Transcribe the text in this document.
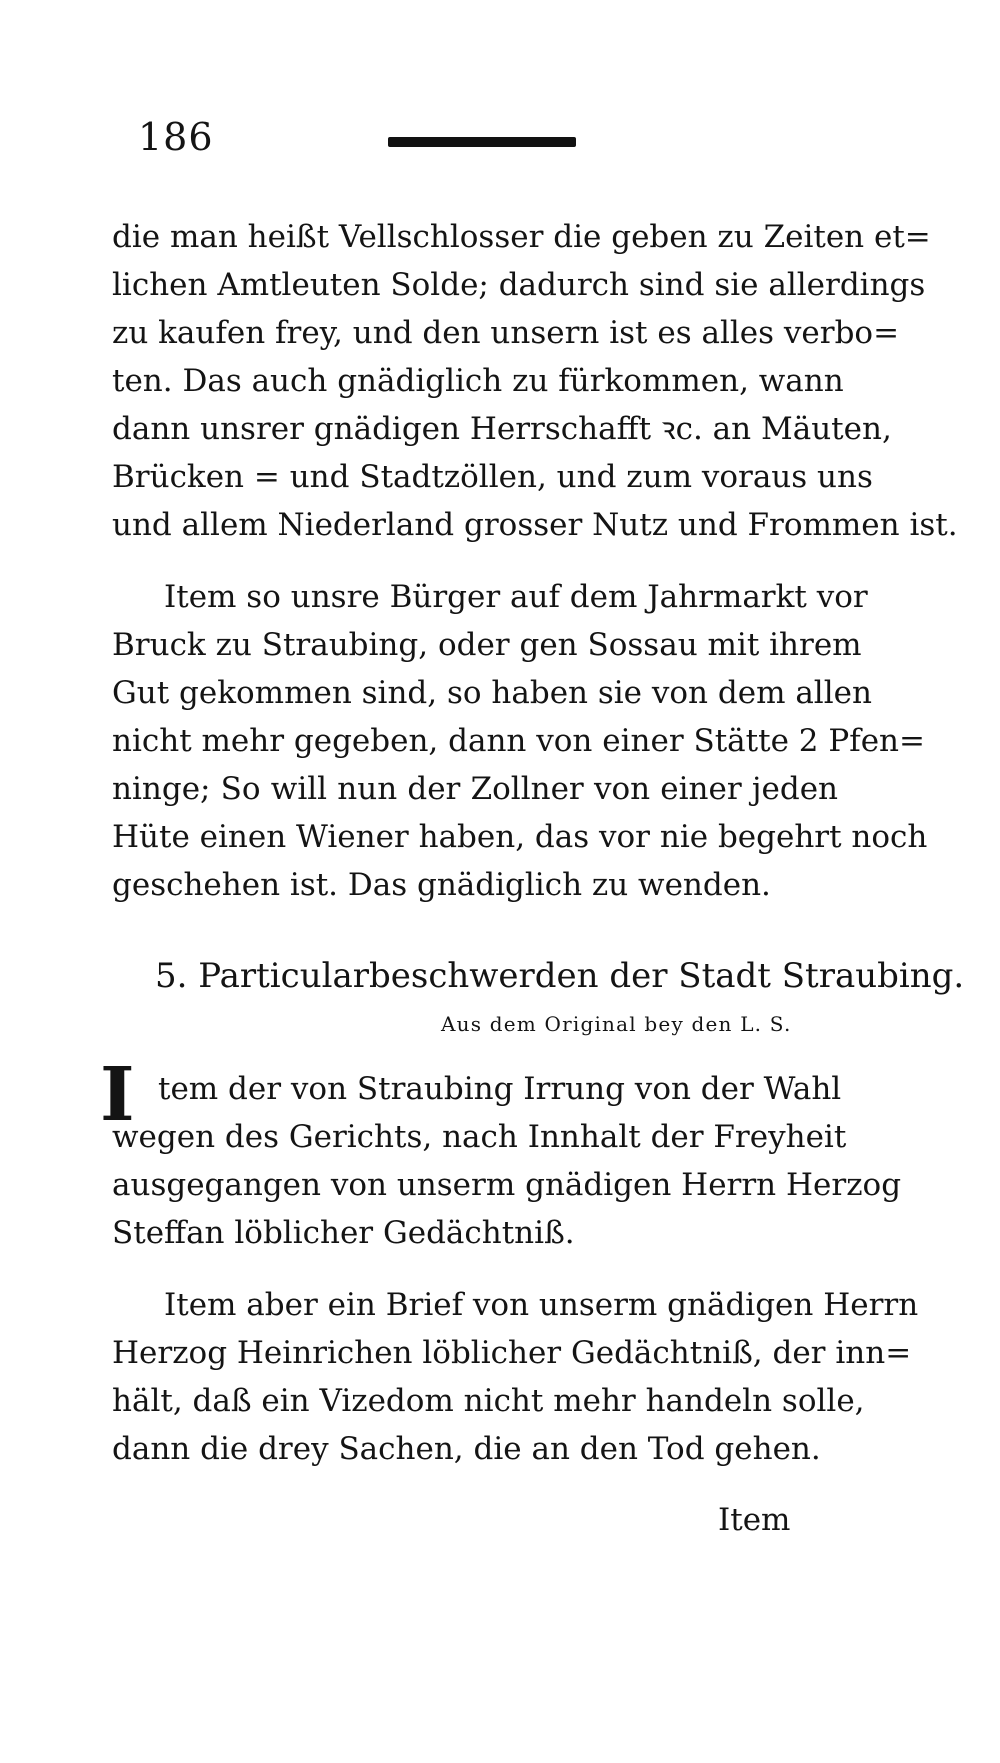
186
die man heißt Vellschlosser die geben zu Zeiten et=
lichen Amtleuten Solde; dadurch sind sie allerdings
zu kaufen frey, und den unsern ist es alles verbo=
ten. Das auch gnädiglich zu fürkommen, wann
dann unsrer gnädigen Herrschafft ꝛc. an Mäuten,
Brücken = und Stadtzöllen, und zum voraus uns
und allem Niederland grosser Nutz und Frommen ist.
Item so unsre Bürger auf dem Jahrmarkt vor
Bruck zu Straubing, oder gen Sossau mit ihrem
Gut gekommen sind, so haben sie von dem allen
nicht mehr gegeben, dann von einer Stätte 2 Pfen=
ninge; So will nun der Zollner von einer jeden
Hüte einen Wiener haben, das vor nie begehrt noch
geschehen ist. Das gnädiglich zu wenden.
5. Particularbeschwerden der Stadt Straubing.
Aus dem Original bey den L. S.
I tem der von Straubing Irrung von der Wahl
wegen des Gerichts, nach Innhalt der Freyheit
ausgegangen von unserm gnädigen Herrn Herzog
Steffan löblicher Gedächtniß.
Item aber ein Brief von unserm gnädigen Herrn
Herzog Heinrichen löblicher Gedächtniß, der inn=
hält, daß ein Vizedom nicht mehr handeln solle,
dann die drey Sachen, die an den Tod gehen.
Item
